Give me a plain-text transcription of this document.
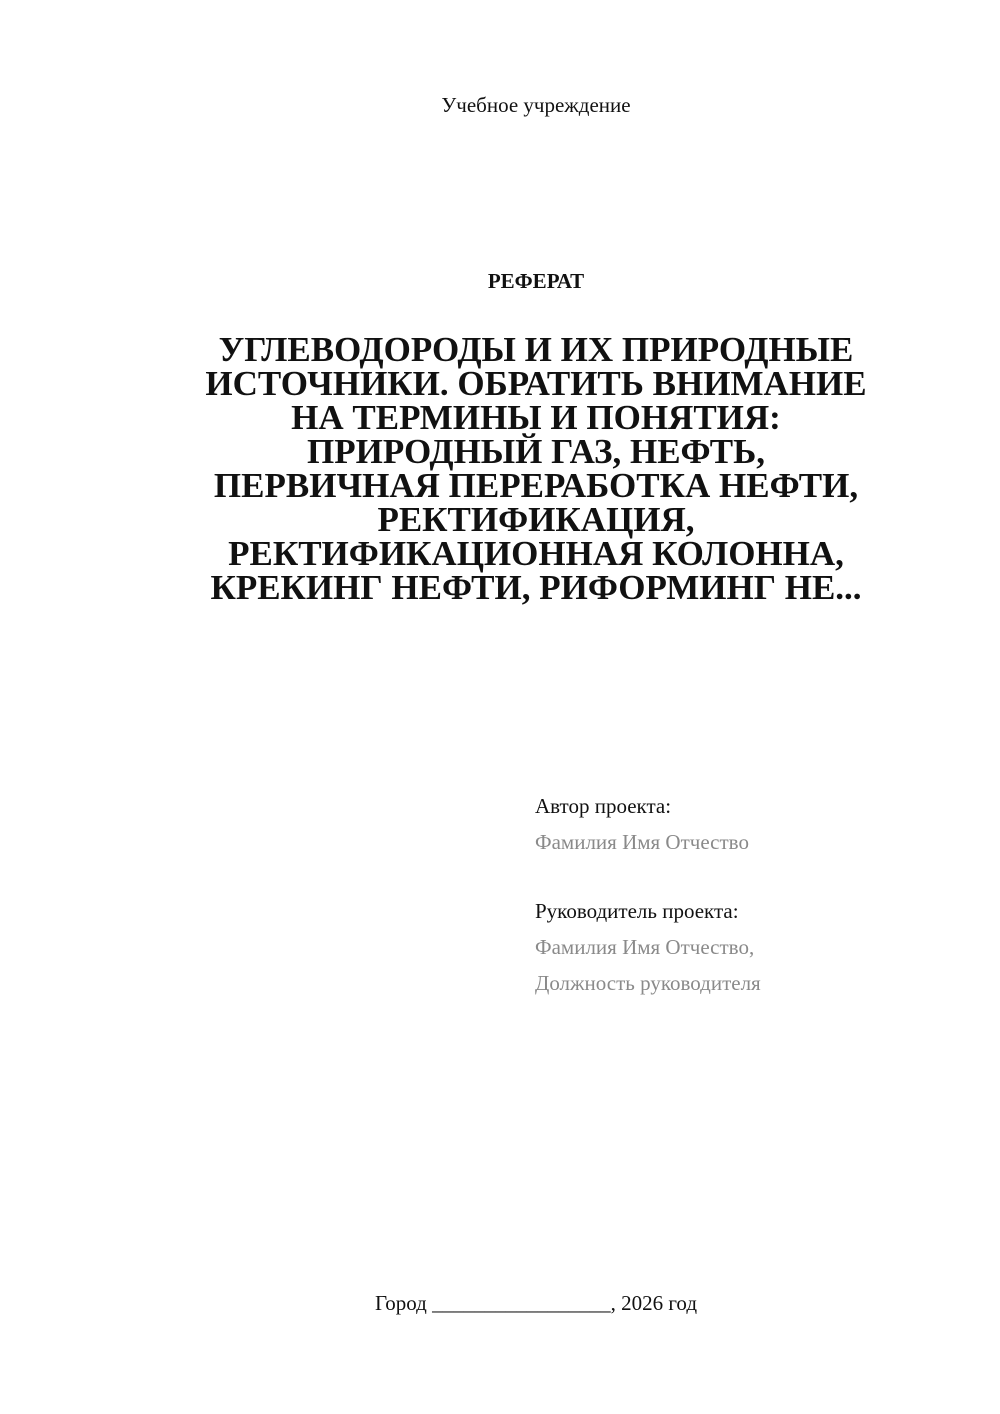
Учебное учреждение
РЕФЕРАТ
УГЛЕВОДОРОДЫ И ИХ ПРИРОДНЫЕ
ИСТОЧНИКИ. ОБРАТИТЬ ВНИМАНИЕ
НА ТЕРМИНЫ И ПОНЯТИЯ:
ПРИРОДНЫЙ ГАЗ, НЕФТЬ,
ПЕРВИЧНАЯ ПЕРЕРАБОТКА НЕФТИ,
РЕКТИФИКАЦИЯ,
РЕКТИФИКАЦИОННАЯ КОЛОННА,
КРЕКИНГ НЕФТИ, РИФОРМИНГ НЕ...
Автор проекта:
Фамилия Имя Отчество
Руководитель проекта:
Фамилия Имя Отчество,
Должность руководителя
Город _________________, 2026 год
